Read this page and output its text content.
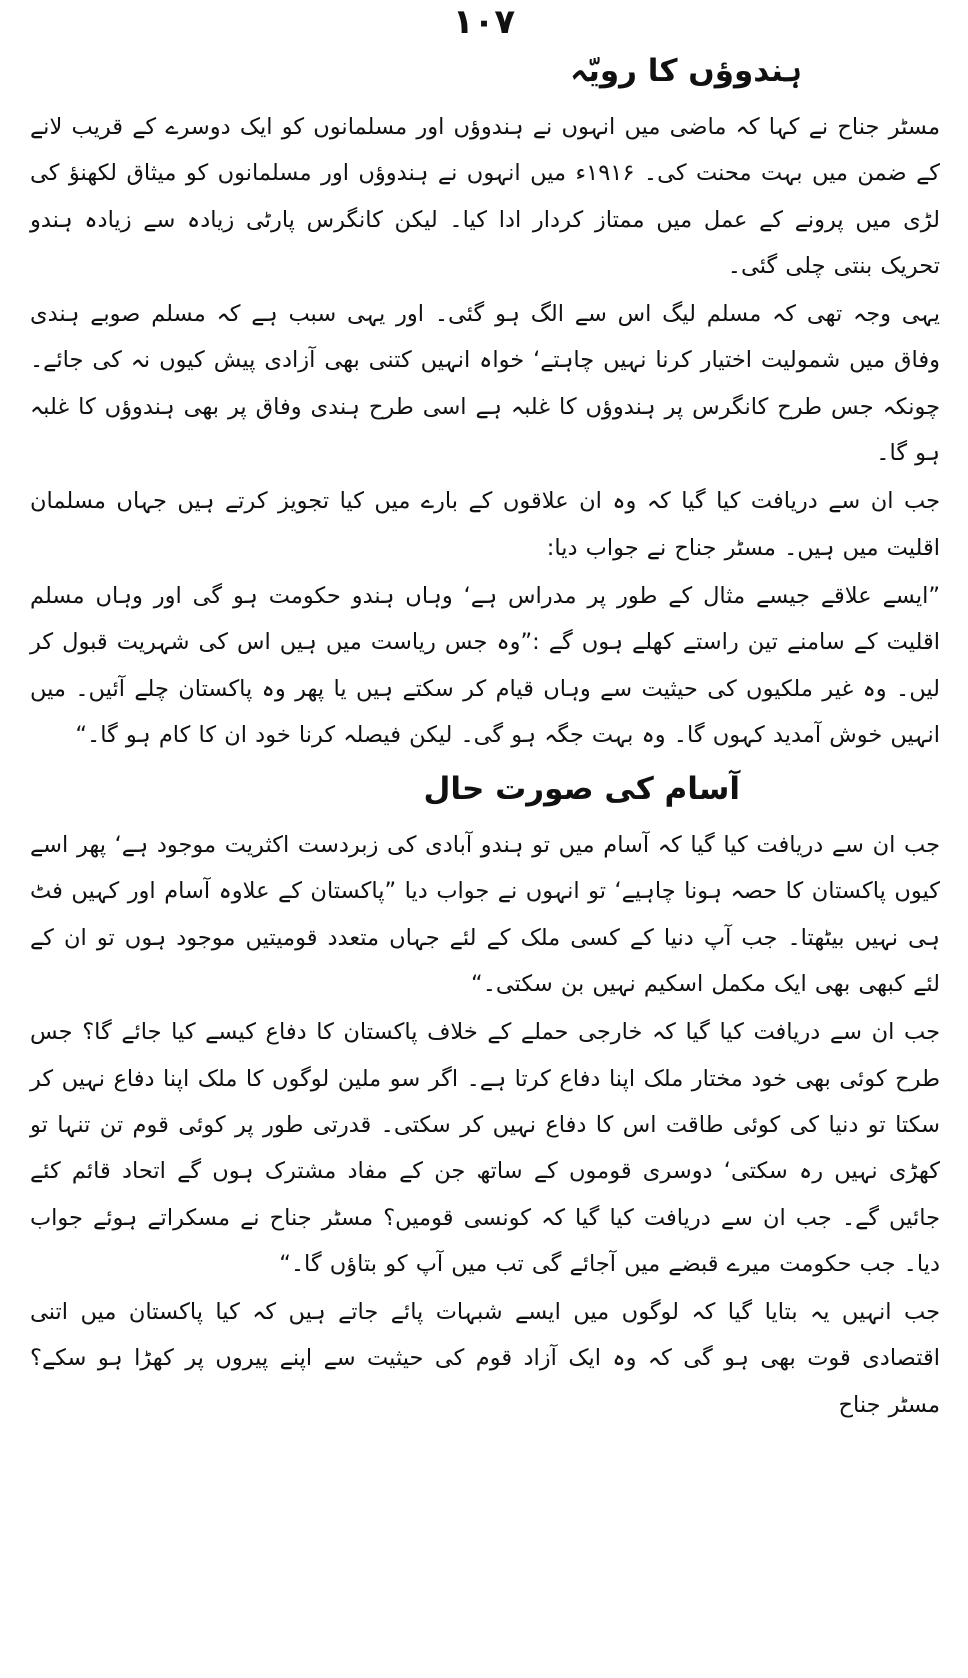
۱۰۷
ہندوؤں کا رویّہ

مسٹر جناح نے کہا کہ ماضی میں انہوں نے ہندوؤں اور مسلمانوں کو ایک دوسرے کے قریب لانے کے ضمن میں بہت محنت کی۔ ۱۹۱۶ء میں انہوں نے ہندوؤں اور مسلمانوں کو میثاق لکھنؤ کی لڑی میں پرونے کے عمل میں ممتاز کردار ادا کیا۔ لیکن کانگرس پارٹی زیادہ سے زیادہ ہندو تحریک بنتی چلی گئی۔

یہی وجہ تھی کہ مسلم لیگ اس سے الگ ہو گئی۔ اور یہی سبب ہے کہ مسلم صوبے ہندی وفاق میں شمولیت اختیار کرنا نہیں چاہتے‘ خواہ انہیں کتنی بھی آزادی پیش کیوں نہ کی جائے۔ چونکہ جس طرح کانگرس پر ہندوؤں کا غلبہ ہے اسی طرح ہندی وفاق پر بھی ہندوؤں کا غلبہ ہو گا۔

جب ان سے دریافت کیا گیا کہ وہ ان علاقوں کے بارے میں کیا تجویز کرتے ہیں جہاں مسلمان اقلیت میں ہیں۔ مسٹر جناح نے جواب دیا:

”ایسے علاقے جیسے مثال کے طور پر مدراس ہے‘ وہاں ہندو حکومت ہو گی اور وہاں مسلم اقلیت کے سامنے تین راستے کھلے ہوں گے :”وہ جس ریاست میں ہیں اس کی شہریت قبول کر لیں۔ وہ غیر ملکیوں کی حیثیت سے وہاں قیام کر سکتے ہیں یا پھر وہ پاکستان چلے آئیں۔ میں انہیں خوش آمدید کہوں گا۔ وہ بہت جگہ ہو گی۔ لیکن فیصلہ کرنا خود ان کا کام ہو گا۔“

آسام کی صورت حال

جب ان سے دریافت کیا گیا کہ آسام میں تو ہندو آبادی کی زبردست اکثریت موجود ہے‘ پھر اسے کیوں پاکستان کا حصہ ہونا چاہیے‘ تو انہوں نے جواب دیا ”پاکستان کے علاوہ آسام اور کہیں فٹ ہی نہیں بیٹھتا۔ جب آپ دنیا کے کسی ملک کے لئے جہاں متعدد قومیتیں موجود ہوں تو ان کے لئے کبھی بھی ایک مکمل اسکیم نہیں بن سکتی۔“

جب ان سے دریافت کیا گیا کہ خارجی حملے کے خلاف پاکستان کا دفاع کیسے کیا جائے گا؟ جس طرح کوئی بھی خود مختار ملک اپنا دفاع کرتا ہے۔ اگر سو ملین لوگوں کا ملک اپنا دفاع نہیں کر سکتا تو دنیا کی کوئی طاقت اس کا دفاع نہیں کر سکتی۔ قدرتی طور پر کوئی قوم تن تنہا تو کھڑی نہیں رہ سکتی‘ دوسری قوموں کے ساتھ جن کے مفاد مشترک ہوں گے اتحاد قائم کئے جائیں گے۔ جب ان سے دریافت کیا گیا کہ کونسی قومیں؟ مسٹر جناح نے مسکراتے ہوئے جواب دیا۔ جب حکومت میرے قبضے میں آجائے گی تب میں آپ کو بتاؤں گا۔“

جب انہیں یہ بتایا گیا کہ لوگوں میں ایسے شبہات پائے جاتے ہیں کہ کیا پاکستان میں اتنی اقتصادی قوت بھی ہو گی کہ وہ ایک آزاد قوم کی حیثیت سے اپنے پیروں پر کھڑا ہو سکے؟ مسٹر جناح
